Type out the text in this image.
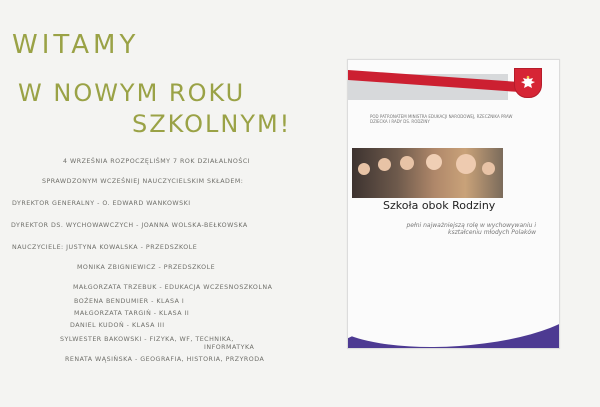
WITAMY
W NOWYM ROKU
SZKOLNYM!
4 WRZEŚNIA ROZPOCZĘLIŚMY 7 ROK DZIAŁALNOŚCI
SPRAWDZONYM WCZEŚNIEJ NAUCZYCIELSKIM SKŁADEM:
DYREKTOR GENERALNY - O. EDWARD WANKOWSKI
DYREKTOR DS. WYCHOWAWCZYCH - JOANNA WOLSKA-BEŁKOWSKA
NAUCZYCIELE: JUSTYNA KOWALSKA - PRZEDSZKOLE
MONIKA ZBIGNIEWICZ - PRZEDSZKOLE
MAŁGORZATA TRZEBUK - EDUKACJA WCZESNOSZKOLNA
BOŻENA BENDUMIER - KLASA I
MAŁGORZATA TARGIŃ - KLASA II
DANIEL KUDOŃ - KLASA III
SYLWESTER BAKOWSKI - FIZYKA, WF, TECHNIKA,
INFORMATYKA
RENATA WĄSIŃSKA - GEOGRAFIA, HISTORIA, PRZYRODA
POD PATRONATEM MINISTRA EDUKACJI NARODOWEJ, RZECZNIKA PRAW DZIECKA I RADY DS. RODZINY
Szkoła obok Rodziny
pełni najważniejszą rolę w wychowywaniu i kształceniu młodych Polaków
